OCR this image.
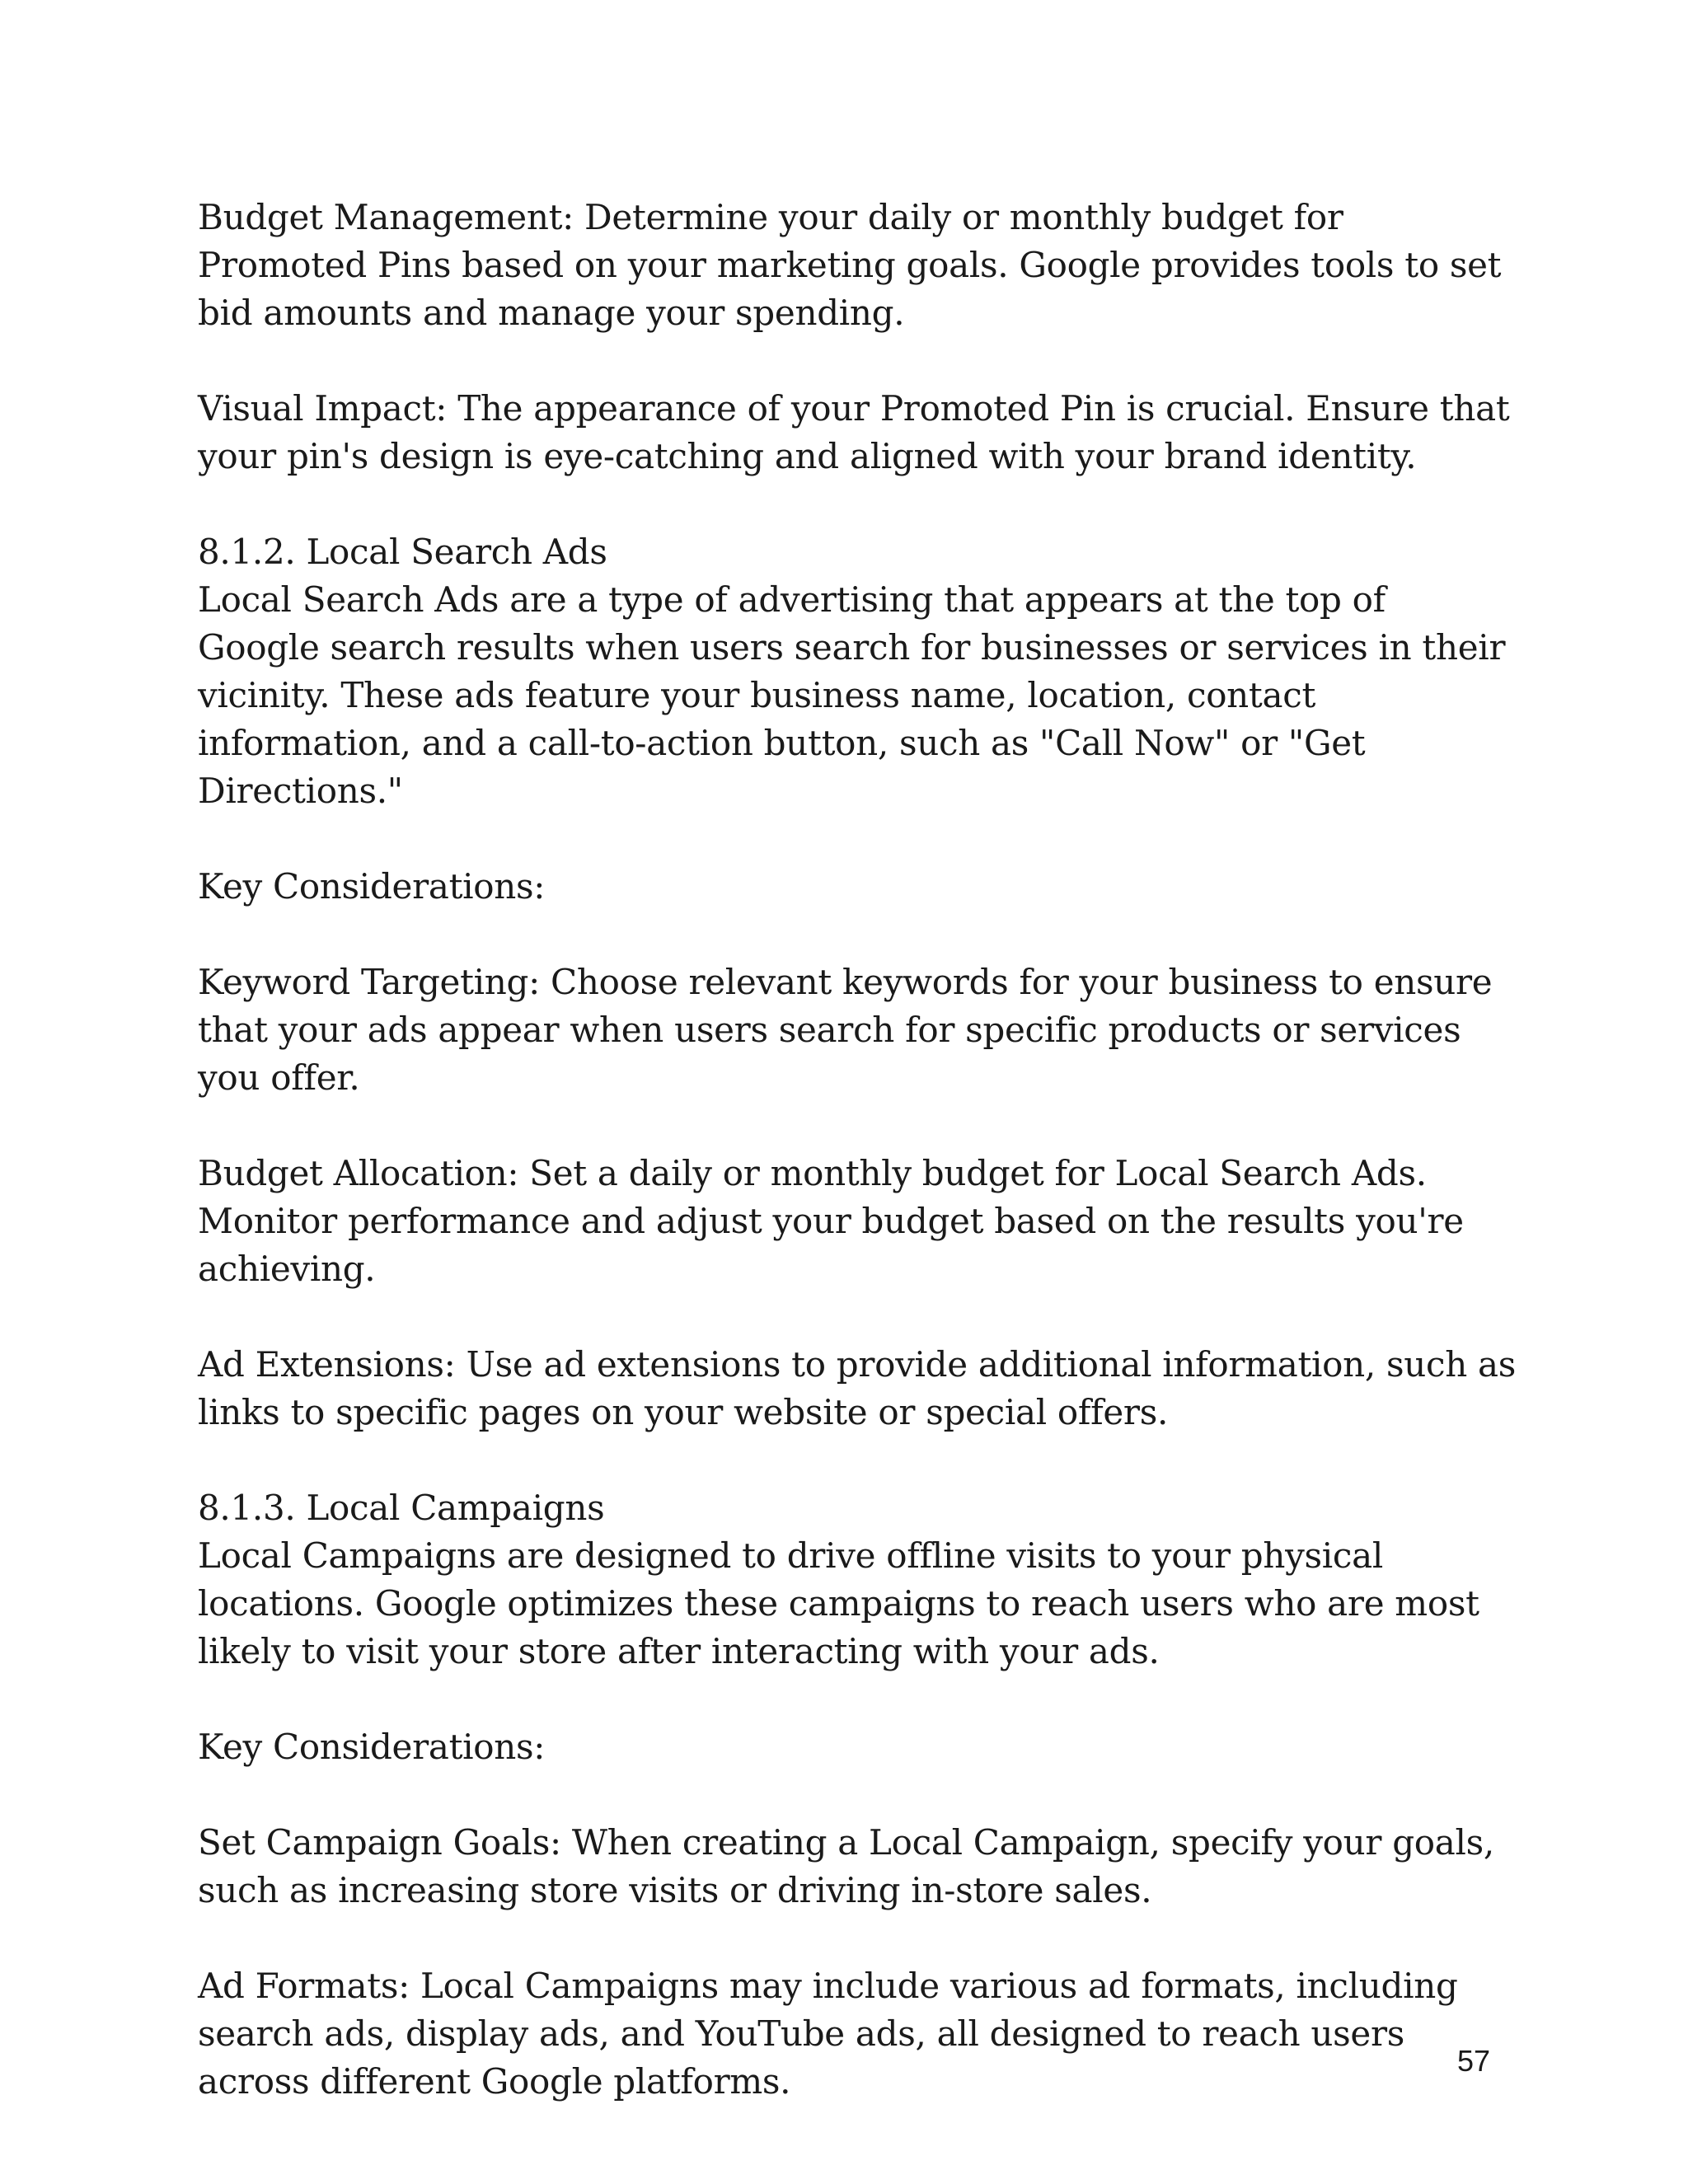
Budget Management: Determine your daily or monthly budget for Promoted Pins based on your marketing goals. Google provides tools to set bid amounts and manage your spending.

Visual Impact: The appearance of your Promoted Pin is crucial. Ensure that your pin's design is eye-catching and aligned with your brand identity.

8.1.2. Local Search Ads

Local Search Ads are a type of advertising that appears at the top of Google search results when users search for businesses or services in their vicinity. These ads feature your business name, location, contact information, and a call-to-action button, such as "Call Now" or "Get Directions."

Key Considerations:

Keyword Targeting: Choose relevant keywords for your business to ensure that your ads appear when users search for specific products or services you offer.

Budget Allocation: Set a daily or monthly budget for Local Search Ads. Monitor performance and adjust your budget based on the results you're achieving.

Ad Extensions: Use ad extensions to provide additional information, such as links to specific pages on your website or special offers.

8.1.3. Local Campaigns

Local Campaigns are designed to drive offline visits to your physical locations. Google optimizes these campaigns to reach users who are most likely to visit your store after interacting with your ads.

Key Considerations:

Set Campaign Goals: When creating a Local Campaign, specify your goals, such as increasing store visits or driving in-store sales.

Ad Formats: Local Campaigns may include various ad formats, including search ads, display ads, and YouTube ads, all designed to reach users across different Google platforms.

57
